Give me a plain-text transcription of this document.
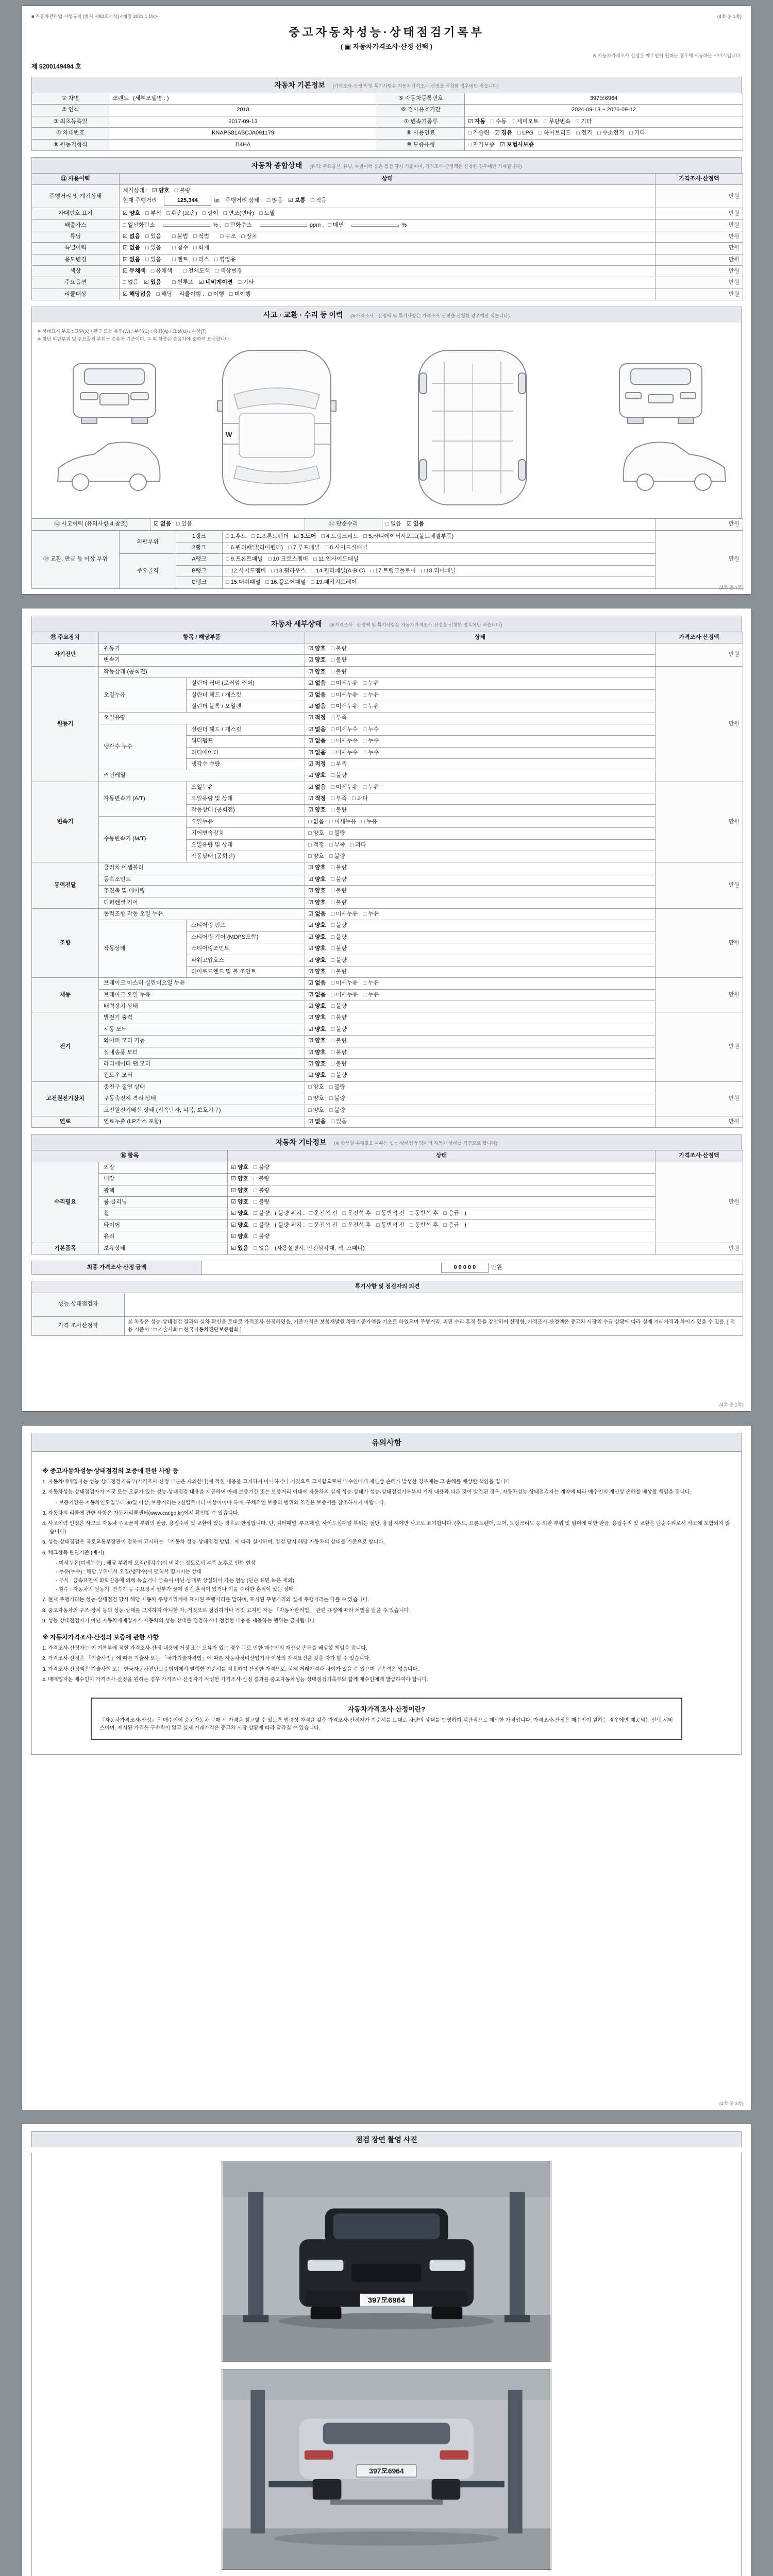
■ 자동차관리법 시행규칙 [별지 제82호서식] <개정 2021.1.19.>	(4쪽 중 1쪽)
중고자동차성능·상태점검기록부
( ▣ 자동차가격조사·산정 선택 )
※ 자동차가격조사·산정은 매수인이 원하는 경우에 제공하는 서비스입니다.
제 5200149494 호
자동차 기본정보 (가격조사·산정액 및 특기사항은 자동차가격조사·산정을 신청한 경우에만 적습니다)
① 차명	쏘렌토 (세부모델명 : )	⑤ 자동차등록번호	397모6964
② 연식	2018	⑥ 검사유효기간	2024-09-13 ~ 2026-09-12
③ 최초등록일	2017-09-13	⑦ 변속기종류	☑ 자동 □ 수동 □ 세미오토 □ 무단변속 □ 기타
④ 차대번호	KNAPS81ABCJA091179	⑧ 사용연료	□ 가솔린 ☑ 경유 □ LPG □ 하이브리드 □ 전기 □ 수소전기 □ 기타
⑨ 원동기형식	D4HA	⑩ 보증유형	□ 자가보증 ☑ 보험사보증
자동차 종합상태 (유의: 주요옵션, 튜닝, 특별이력 등은 점검 당시 기준이며, 가격조사·산정액은 신청한 경우에만 기재됩니다)
⑪ 사용이력	상태	가격조사·산정액
주행거리 및 계기상태	계기상태 : ☑ 양호 □ 불량
현재 주행거리 125,344 ㎞ 주행거리 상태 : □ 많음 ☑ 보통 □ 적음	만원
차대번호 표기	☑ 양호 □ 부식 □ 훼손(오손) □ 상이 □ 변조(변타) □ 도말	만원
배출가스	□ 일산화탄소 % , □ 탄화수소 ppm , □ 매연 %	만원
튜닝	☑ 없음 □ 있음 □ 불법 □ 적법 □ 구조 □ 장치	만원
특별이력	☑ 없음 □ 있음 □ 침수 □ 화재	만원
용도변경	☑ 없음 □ 있음 □ 렌트 □ 리스 □ 영업용	만원
색상	☑ 무채색 □ 유채색 □ 전체도색 □ 색상변경	만원
주요옵션	□ 없음 ☑ 있음 □ 썬루프 ☑ 네비게이션 □ 기타	만원
리콜대상	☑ 해당없음 □ 해당 리콜이행 : □ 이행 □ 미이행	만원
사고 · 교환 · 수리 등 이력 (※가격조사 · 산정액 및 특기사항은 가격조사·산정을 신청한 경우에만 적습니다)
※ 상태표시 부호 : 교환(X) / 판금 또는 용접(W) / 부식(C) / 흠집(A) / 요철(U) / 손상(T)
※ 하단 외판부위 및 주요골격 부위는 승용차 기준이며, 그 외 차종은 승용차에 준하여 표시합니다.
W
⑫ 사고이력 (유의사항 4 참조)	☑ 없음 □ 있음	⑬ 단순수리	□ 없음 ☑ 있음	만원
⑭ 교환, 판금 등 이상 부위	외판부위	1랭크	□ 1.후드 □ 2.프론트펜더 ☑ 3.도어 □ 4.트렁크리드 □ 5.라디에이터서포트(볼트체결부품)	만원
		2랭크	□ 6.쿼터패널(리어펜더) □ 7.루프패널 □ 8.사이드실패널	
	주요골격	A랭크	□ 9.프론트패널 □ 10.크로스멤버 □ 11.인사이드패널	
		B랭크	□ 12.사이드멤버 □ 13.휠하우스 □ 14.필러패널(A·B·C) □ 17.트렁크플로어 □ 18.리어패널	
		C랭크	□ 15.대쉬패널 □ 16.플로어패널 □ 19.패키지트레이	
(4쪽 중 1쪽)
자동차 세부상태 (※가격조사 · 산정액 및 특기사항은 자동차가격조사·산정을 신청한 경우에만 적습니다)
⑮ 주요장치	항목 / 해당부품		상태	가격조사·산정액
자기진단	원동기		☑ 양호 □ 불량	만원
	변속기		☑ 양호 □ 불량	
원동기	작동상태 (공회전)		☑ 양호 □ 불량	만원
	오일누유	실린더 커버 (로커암 커버)	☑ 없음 □ 미세누유 □ 누유	
		실린더 헤드 / 개스킷	☑ 없음 □ 미세누유 □ 누유	
		실린더 블록 / 오일팬	☑ 없음 □ 미세누유 □ 누유	
	오일유량		☑ 적정 □ 부족	
	냉각수 누수	실린더 헤드 / 개스킷	☑ 없음 □ 미세누수 □ 누수	
		워터펌프	☑ 없음 □ 미세누수 □ 누수	
		라디에이터	☑ 없음 □ 미세누수 □ 누수	
		냉각수 수량	☑ 적정 □ 부족	
	커먼레일		☑ 양호 □ 불량	
변속기	자동변속기 (A/T)	오일누유	☑ 없음 □ 미세누유 □ 누유	만원
		오일유량 및 상태	☑ 적정 □ 부족 □ 과다	
		작동상태 (공회전)	☑ 양호 □ 불량	
	수동변속기 (M/T)	오일누유	□ 없음 □ 미세누유 □ 누유	
		기어변속장치	□ 양호 □ 불량	
		오일유량 및 상태	□ 적정 □ 부족 □ 과다	
		작동상태 (공회전)	□ 양호 □ 불량	
동력전달	클러치 어셈블리		☑ 양호 □ 불량	만원
	등속조인트		☑ 양호 □ 불량	
	추진축 및 베어링		☑ 양호 □ 불량	
	디퍼렌셜 기어		☑ 양호 □ 불량	
조향	동력조향 작동 오일 누유		☑ 없음 □ 미세누유 □ 누유	만원
	작동상태	스티어링 펌프	☑ 양호 □ 불량	
		스티어링 기어 (MDPS포함)	☑ 양호 □ 불량	
		스티어링조인트	☑ 양호 □ 불량	
		파워고압호스	☑ 양호 □ 불량	
		타이로드엔드 및 볼 조인트	☑ 양호 □ 불량	
제동	브레이크 마스터 실린더오일 누유		☑ 없음 □ 미세누유 □ 누유	만원
	브레이크 오일 누유		☑ 없음 □ 미세누유 □ 누유	
	배력장치 상태		☑ 양호 □ 불량	
전기	발전기 출력		☑ 양호 □ 불량	만원
	시동 모터		☑ 양호 □ 불량	
	와이퍼 모터 기능		☑ 양호 □ 불량	
	실내송풍 모터		☑ 양호 □ 불량	
	라디에이터 팬 모터		☑ 양호 □ 불량	
	윈도우 모터		☑ 양호 □ 불량	
고전원전기장치	충전구 절연 상태		□ 양호 □ 불량	만원
	구동축전지 격리 상태		□ 양호 □ 불량	
	고전원전기배선 상태 (접속단자, 피복, 보호기구)		□ 양호 □ 불량	
연료	연료누출 (LP가스 포함)		☑ 없음 □ 있음	만원
자동차 기타정보 (※ 항목별 수리필요 여부는 성능·상태점검 당시의 자동차 상태를 기준으로 합니다)
⑯ 항목		상태	가격조사·산정액
수리필요	외장	☑ 양호 □ 불량	만원
	내장	☑ 양호 □ 불량	
	광택	☑ 양호 □ 불량	
	룸 클리닝	☑ 양호 □ 불량	
	휠	☑ 양호 □ 불량 ( 불량 위치 : □ 운전석 전 □ 운전석 후 □ 동반석 전 □ 동반석 후 □ 응급 )	
	타이어	☑ 양호 □ 불량 ( 불량 위치 : □ 운전석 전 □ 운전석 후 □ 동반석 전 □ 동반석 후 □ 응급 )	
	유리	☑ 양호 □ 불량	
기본품목	보유상태	☑ 있음 □ 없음 (사용설명서, 안전삼각대, 잭, 스패너)	만원
최종 가격조사·산정 금액	0 0 0 0 0	만원
특기사항 및 점검자의 의견	
성능·상태점검자	
가격·조사산정자	본 차량은 성능·상태점검 결과와 실차 확인을 토대로 가격조사·산정하였음. 기준가격은 보험개발원 차량기준가액을 기초로 하였으며 주행거리, 외판 수리 흔적 등을 감안하여 산정함. 가격조사·산정액은 중고차 시장의 수급 상황에 따라 실제 거래가격과 차이가 있을 수 있음. [ 적용 기준서 : □ 기술사회 □ 한국자동차진단보증협회 ]
(4쪽 중 2쪽)
유의사항
※ 중고자동차성능·상태점검의 보증에 관한 사항 등
1. 자동차매매업자는 성능·상태점검기록부(가격조사·산정 부분은 제외한다)에 적힌 내용을 고지하지 아니하거나 거짓으로 고지함으로써 매수인에게 재산상 손해가 발생한 경우에는 그 손해를 배상할 책임을 집니다.
2. 자동차성능·상태점검자가 거짓 또는 오류가 있는 성능·상태점검 내용을 제공하여 아래 보증기간 또는 보증거리 이내에 자동차의 실제 성능·상태가 성능·상태점검기록부의 기재 내용과 다른 것이 발견된 경우, 자동차성능·상태점검자는 계약에 따라 매수인의 재산상 손해를 배상할 책임을 집니다.
- 보증기간은 자동차인도일부터 30일 이상, 보증거리는 2천킬로미터 이상이어야 하며, 구체적인 보증의 범위와 조건은 보증서를 참조하시기 바랍니다.
3. 자동차의 리콜에 관한 사항은 자동차리콜센터(www.car.go.kr)에서 확인할 수 있습니다.
4. 사고이력 인정은 사고로 자동차 주요골격 부위의 판금, 용접수리 및 교환이 있는 경우로 한정합니다. 단, 쿼터패널, 루프패널, 사이드실패널 부위는 절단, 용접 시에만 사고로 표기합니다. (후드, 프론트펜더, 도어, 트렁크리드 등 외판 부위 및 범퍼에 대한 판금, 용접수리 및 교환은 단순수리로서 사고에 포함되지 않습니다)
5. 성능·상태점검은 국토교통부장관이 정하여 고시하는 「자동차 성능·상태점검 방법」에 따라 실시하며, 점검 당시 해당 자동차의 상태를 기준으로 합니다.
6. 체크항목 판단기준 (예시)
- 미세누유(미세누수) : 해당 부위에 오일(냉각수)이 비치는 정도로서 부품 노후로 인한 현상
- 누유(누수) : 해당 부위에서 오일(냉각수)이 맺혀서 떨어지는 상태
- 부식 : 금속표면이 화학반응에 의해 녹슬거나 금속이 아닌 상태로 상실되어 가는 현상 (단순 표면 녹은 제외)
- 침수 : 자동차의 원동기, 변속기 등 주요장치 일부가 물에 잠긴 흔적이 있거나 이를 수리한 흔적이 있는 상태
7. 현재 주행거리는 성능·상태점검 당시 해당 자동차 주행거리계에 표시된 주행거리를 말하며, 표시된 주행거리와 실제 주행거리는 다를 수 있습니다.
8. 중고자동차의 구조·장치 등의 성능·상태를 고지하지 아니한 자, 거짓으로 점검하거나 거짓 고지한 자는 「자동차관리법」 관련 규정에 따라 처벌을 받을 수 있습니다.
9. 성능·상태점검자가 아닌 자동차매매업자가 자동차의 성능·상태를 점검하거나 점검한 내용을 제공하는 행위는 금지됩니다.
※ 자동차가격조사·산정의 보증에 관한 사항
1. 가격조사·산정자는 이 기록부에 적힌 가격조사·산정 내용에 거짓 또는 오류가 있는 경우 그로 인한 매수인의 재산상 손해를 배상할 책임을 집니다.
2. 가격조사·산정은 「기술사법」에 따른 기술사 또는 「국가기술자격법」에 따른 자동차정비산업기사 이상의 자격요건을 갖춘 자가 할 수 있습니다.
3. 가격조사·산정액은 기술사회 또는 한국자동차진단보증협회에서 발행한 기준서를 적용하여 산정한 가격으로, 실제 거래가격과 차이가 있을 수 있으며 구속력은 없습니다.
4. 매매업자는 매수인이 가격조사·산정을 원하는 경우 가격조사·산정자가 작성한 가격조사·산정 결과를 중고자동차성능·상태점검기록부와 함께 매수인에게 발급하여야 합니다.
자동차가격조사·산정이란?
『자동차가격조사·산정』은 매수인이 중고자동차 구매 시 가격을 참고할 수 있도록 법령상 자격을 갖춘 가격조사·산정자가 기준서를 토대로 차량의 상태를 반영하여 객관적으로 제시한 가격입니다. 가격조사·산정은 매수인이 원하는 경우에만 제공되는 선택 서비스이며, 제시된 가격은 구속력이 없고 실제 거래가격은 중고차 시장 상황에 따라 달라질 수 있습니다.
(4쪽 중 3쪽)
점검 장면 촬영 사진
397모6964
397모6964
